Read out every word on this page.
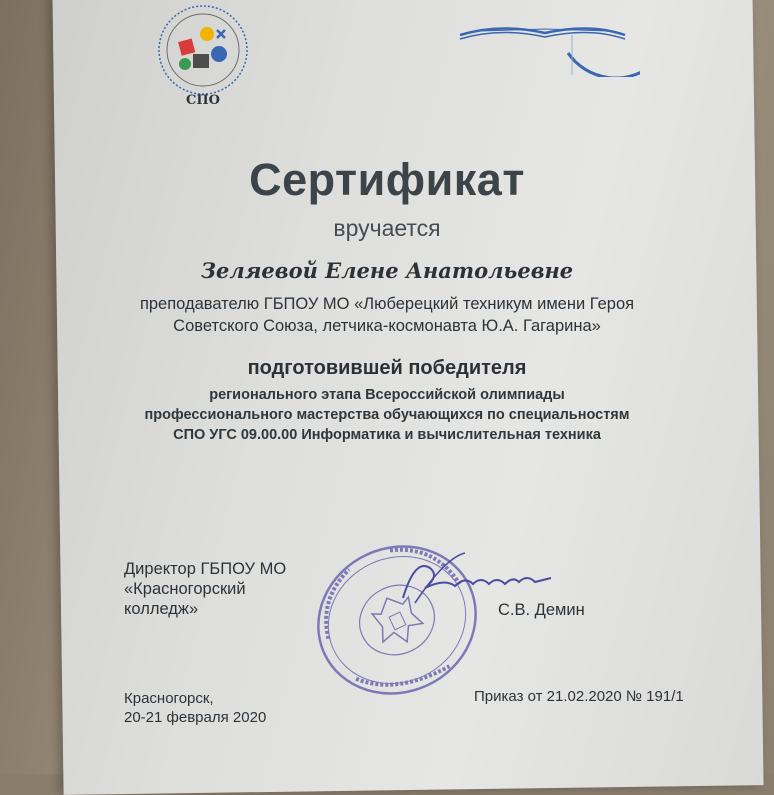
СПО
Сертификат
вручается
Зеляевой Елене Анатольевне
преподавателю ГБПОУ МО «Люберецкий техникум имени Героя
Советского Союза, летчика-космонавта Ю.А. Гагарина»
подготовившей победителя
регионального этапа Всероссийской олимпиады
профессионального мастерства обучающихся по специальностям
СПО УГС 09.00.00 Информатика и вычислительная техника
Директор ГБПОУ МО
«Красногорский
колледж»	С.В. Демин
Красногорск,
20-21 февраля 2020
Приказ от 21.02.2020 № 191/1
